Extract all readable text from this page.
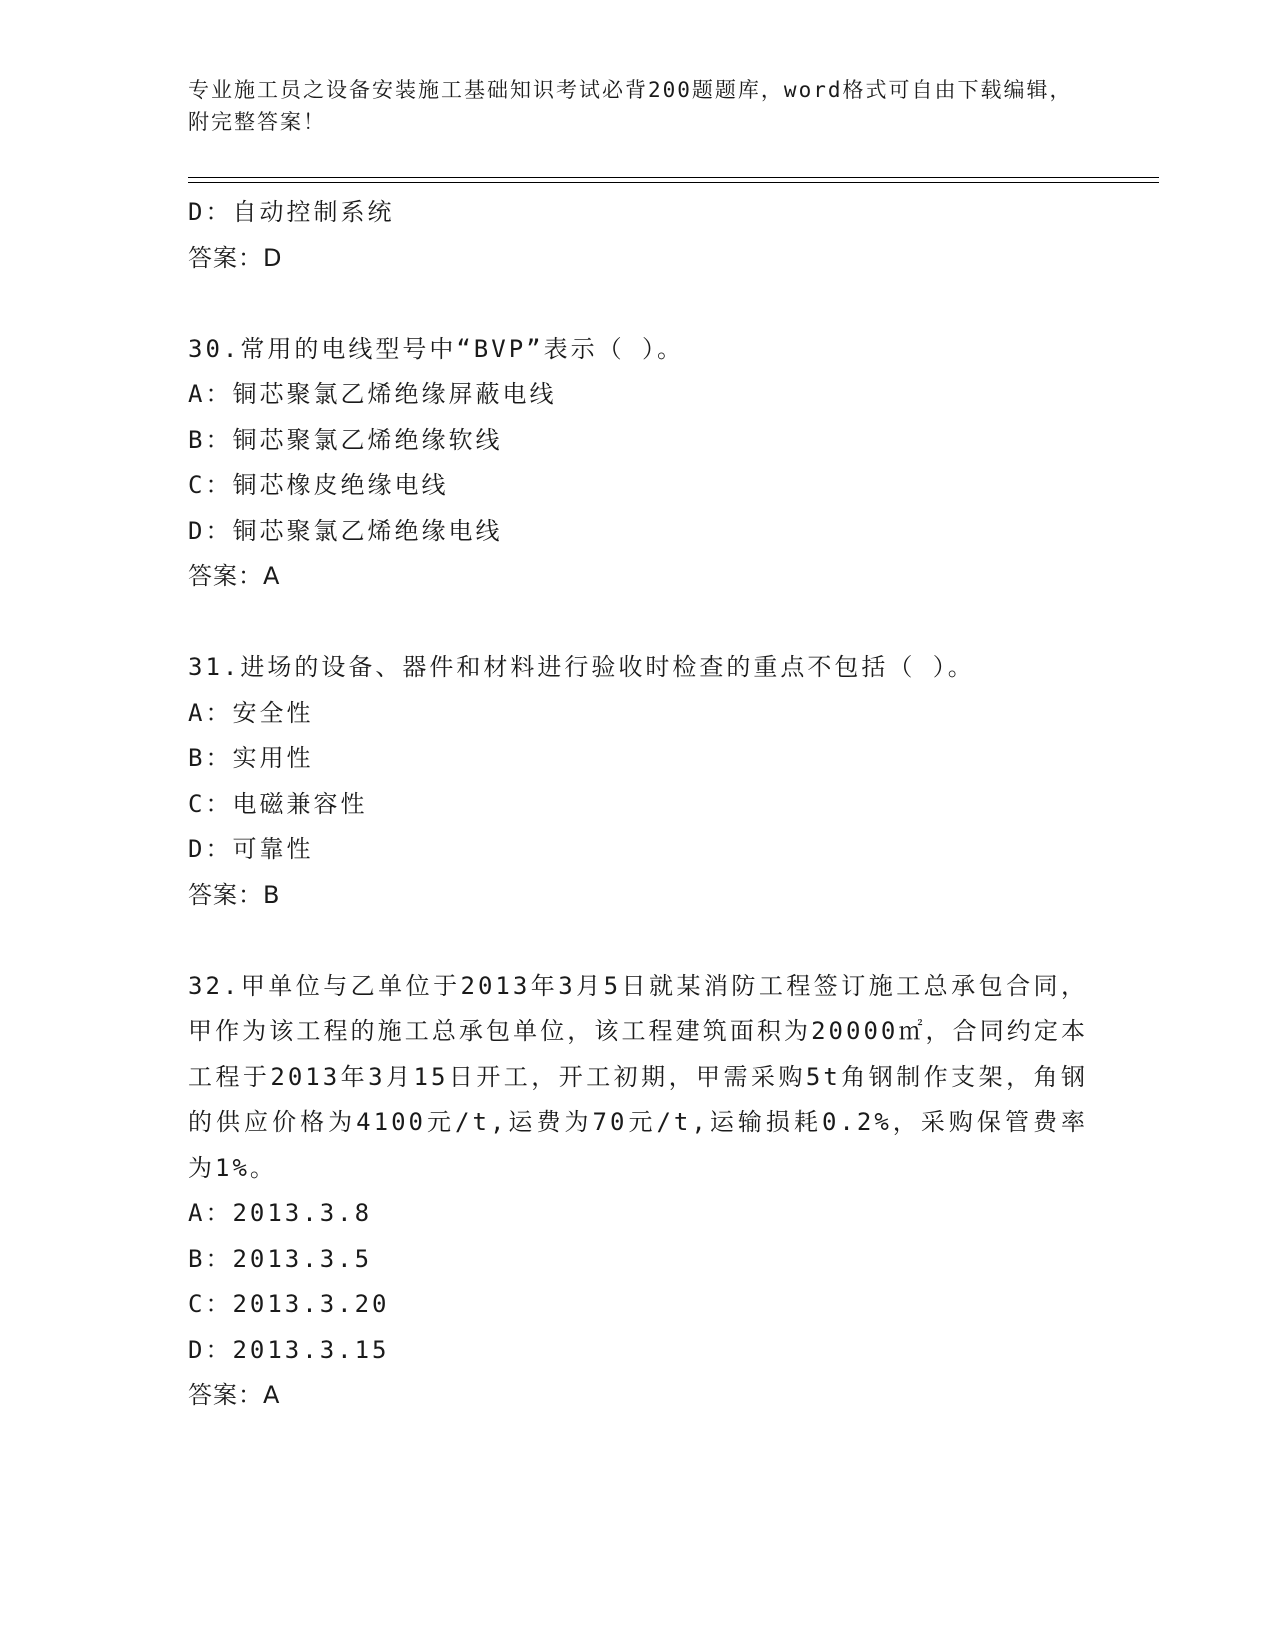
专业施工员之设备安装施工基础知识考试必背200题题库，word格式可自由下载编辑，附完整答案！
D：自动控制系统
答案：D
30.常用的电线型号中“BVP”表示（ ）。
A：铜芯聚氯乙烯绝缘屏蔽电线
B：铜芯聚氯乙烯绝缘软线
C：铜芯橡皮绝缘电线
D：铜芯聚氯乙烯绝缘电线
答案：A
31.进场的设备、器件和材料进行验收时检查的重点不包括（ ）。
A：安全性
B：实用性
C：电磁兼容性
D：可靠性
答案：B
32.甲单位与乙单位于2013年3月5日就某消防工程签订施工总承包合同，甲作为该工程的施工总承包单位，该工程建筑面积为20000㎡，合同约定本工程于2013年3月15日开工，开工初期，甲需采购5t角钢制作支架，角钢的供应价格为4100元/t,运费为70元/t,运输损耗0.2%，采购保管费率为1%。
A：2013.3.8
B：2013.3.5
C：2013.3.20
D：2013.3.15
答案：A
